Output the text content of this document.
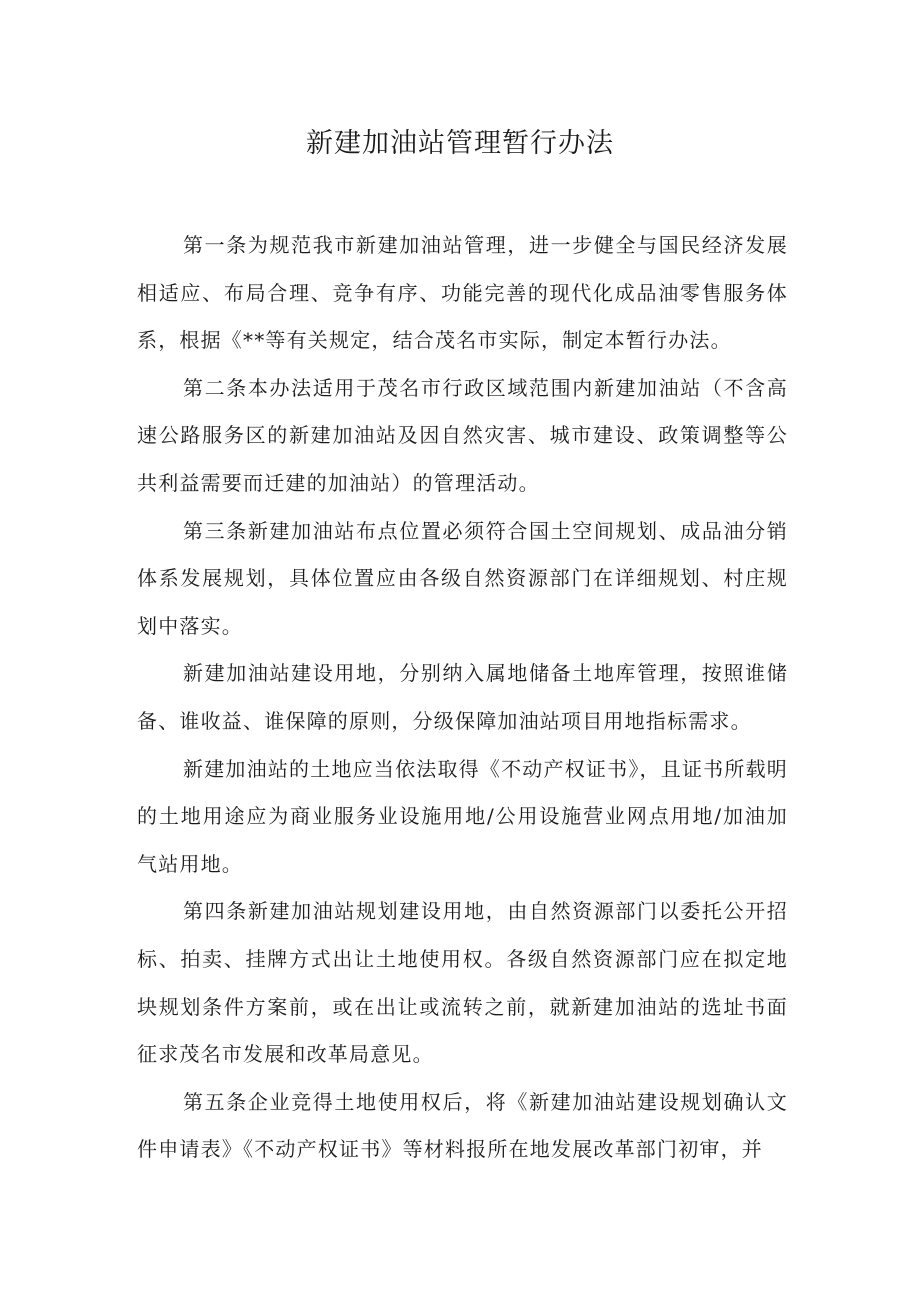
新建加油站管理暂行办法

第一条为规范我市新建加油站管理，进一步健全与国民经济发展相适应、布局合理、竞争有序、功能完善的现代化成品油零售服务体系，根据《**等有关规定，结合茂名市实际，制定本暂行办法。

第二条本办法适用于茂名市行政区域范围内新建加油站（不含高速公路服务区的新建加油站及因自然灾害、城市建设、政策调整等公共利益需要而迁建的加油站）的管理活动。

第三条新建加油站布点位置必须符合国土空间规划、成品油分销体系发展规划，具体位置应由各级自然资源部门在详细规划、村庄规划中落实。

新建加油站建设用地，分别纳入属地储备土地库管理，按照谁储备、谁收益、谁保障的原则，分级保障加油站项目用地指标需求。

新建加油站的土地应当依法取得《不动产权证书》，且证书所载明的土地用途应为商业服务业设施用地/公用设施营业网点用地/加油加气站用地。

第四条新建加油站规划建设用地，由自然资源部门以委托公开招标、拍卖、挂牌方式出让土地使用权。各级自然资源部门应在拟定地块规划条件方案前，或在出让或流转之前，就新建加油站的选址书面征求茂名市发展和改革局意见。

第五条企业竞得土地使用权后，将《新建加油站建设规划确认文件申请表》《不动产权证书》等材料报所在地发展改革部门初审，并
